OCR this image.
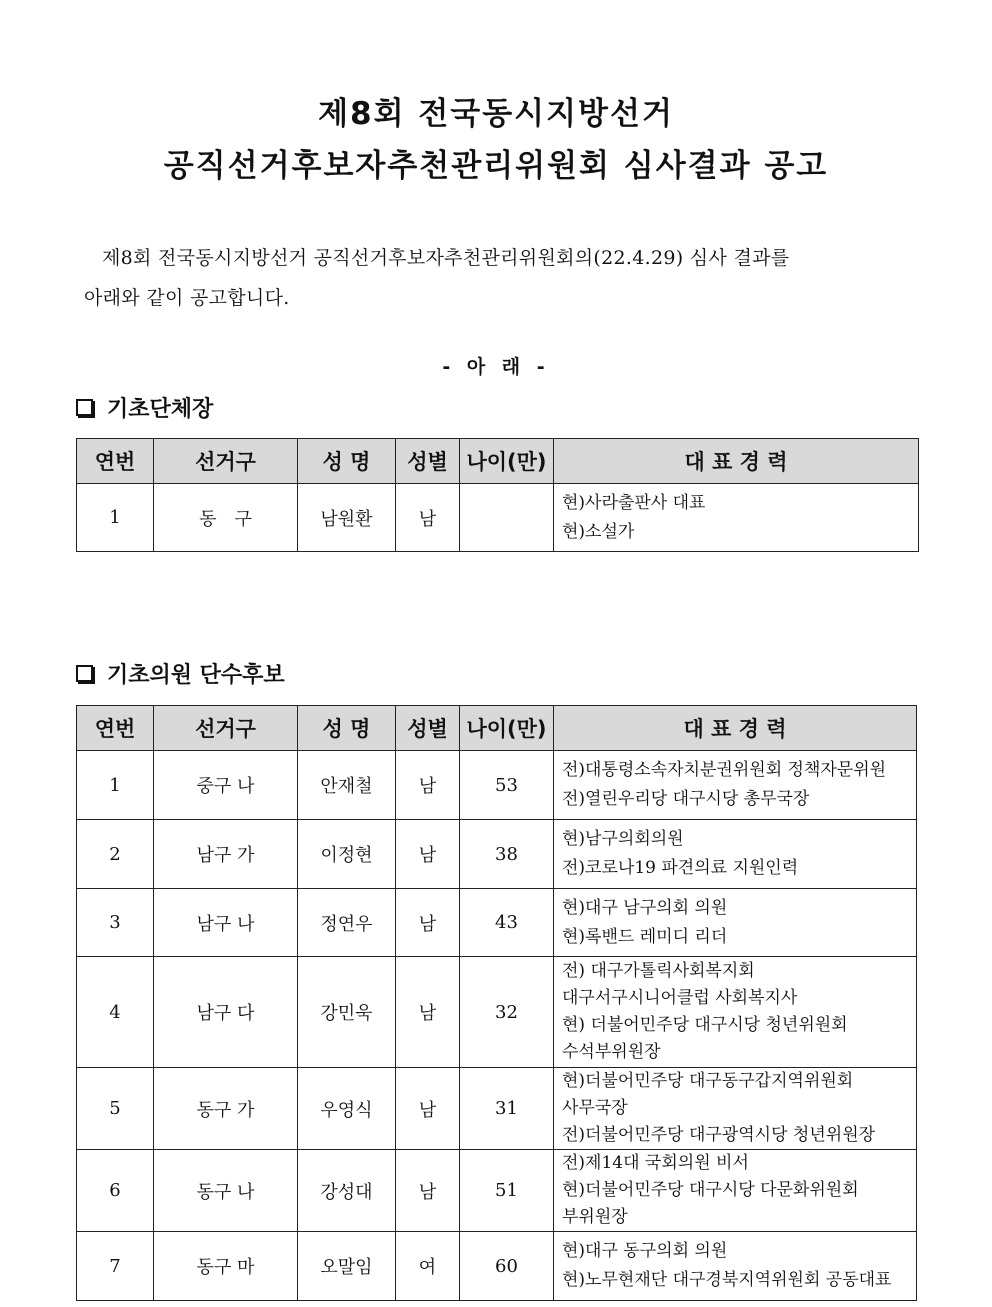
제8회 전국동시지방선거
공직선거후보자추천관리위원회 심사결과 공고
제8회 전국동시지방선거 공직선거후보자추천관리위원회의(22.4.29) 심사 결과를
아래와 같이 공고합니다.
- 아 래 -
기초단체장
연번	선거구	성 명	성별	나이(만)	대 표 경 력
1	동　구	남원환	남		현)사라출판사 대표
현)소설가
기초의원 단수후보
연번	선거구	성 명	성별	나이(만)	대 표 경 력
1	중구 나	안재철	남	53	전)대통령소속자치분권위원회 정책자문위원
전)열린우리당 대구시당 총무국장

2	남구 가	이정현	남	38	현)남구의회의원
전)코로나19 파견의료 지원인력

3	남구 나	정연우	남	43	현)대구 남구의회 의원
현)록밴드 레미디 리더

4	남구 다	강민욱	남	32	전) 대구가톨릭사회복지회
대구서구시니어클럽 사회복지사
현) 더불어민주당 대구시당 청년위원회
수석부위원장

5	동구 가	우영식	남	31	현)더불어민주당 대구동구갑지역위원회
사무국장
전)더불어민주당 대구광역시당 청년위원장

6	동구 나	강성대	남	51	전)제14대 국회의원 비서
현)더불어민주당 대구시당 다문화위원회
부위원장

7	동구 마	오말임	여	60	현)대구 동구의회 의원
현)노무현재단 대구경북지역위원회 공동대표
